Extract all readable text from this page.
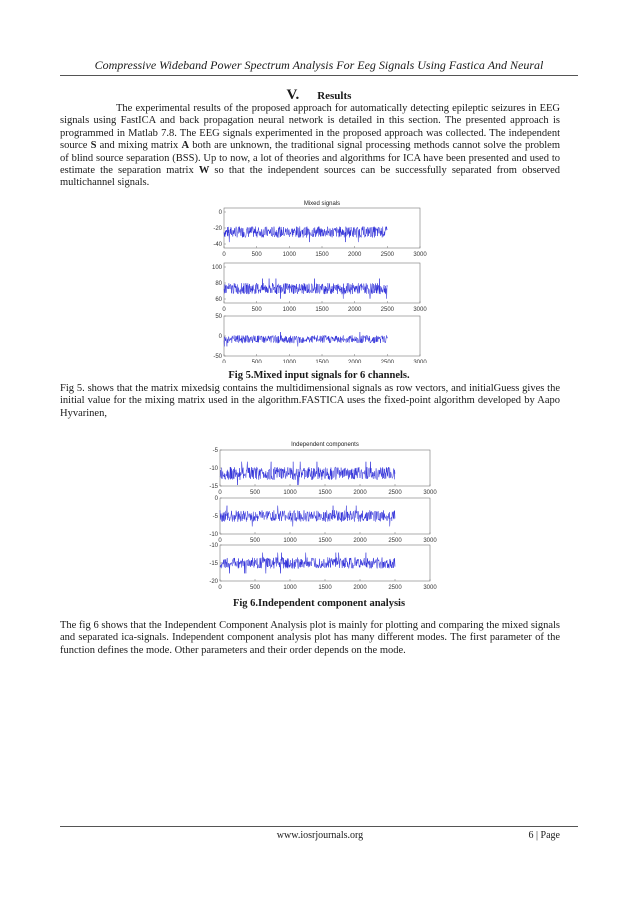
Compressive Wideband Power Spectrum Analysis For Eeg Signals Using Fastica And Neural
V. Results

The experimental results of the proposed approach for automatically detecting epileptic seizures in EEG signals using FastICA and back propagation neural network is detailed in this section. The presented approach is programmed in Matlab 7.8. The EEG signals experimented in the proposed approach was collected. The independent source S and mixing matrix A both are unknown, the traditional signal processing methods cannot solve the problem of blind source separation (BSS). Up to now, a lot of theories and algorithms for ICA have been presented and used to estimate the separation matrix W so that the independent sources can be successfully separated from observed multichannel signals.

Mixed signals
0
-20
-40
0	500	1000	1500	2000	2500	3000
100
80
60
0	500	1000	1500	2000	2500	3000
50
0
-50
0	500	1000	1500	2000	2500	3000
Fig 5.Mixed input signals for 6 channels.

Fig 5. shows that the matrix mixedsig contains the multidimensional signals as row vectors, and initialGuess gives the initial value for the mixing matrix used in the algorithm.FASTICA uses the fixed-point algorithm developed by Aapo Hyvarinen,

Independent components
-5
-10
-15
0	500	1000	1500	2000	2500	3000
0
-5
-10
0	500	1000	1500	2000	2500	3000
-10
-15
-20
0	500	1000	1500	2000	2500	3000
Fig 6.Independent component analysis

The fig 6 shows that the Independent Component Analysis plot is mainly for plotting and comparing the mixed signals and separated ica-signals. Independent component analysis plot has many different modes. The first parameter of the function defines the mode. Other parameters and their order depends on the mode.

www.iosrjournals.org	6 | Page
